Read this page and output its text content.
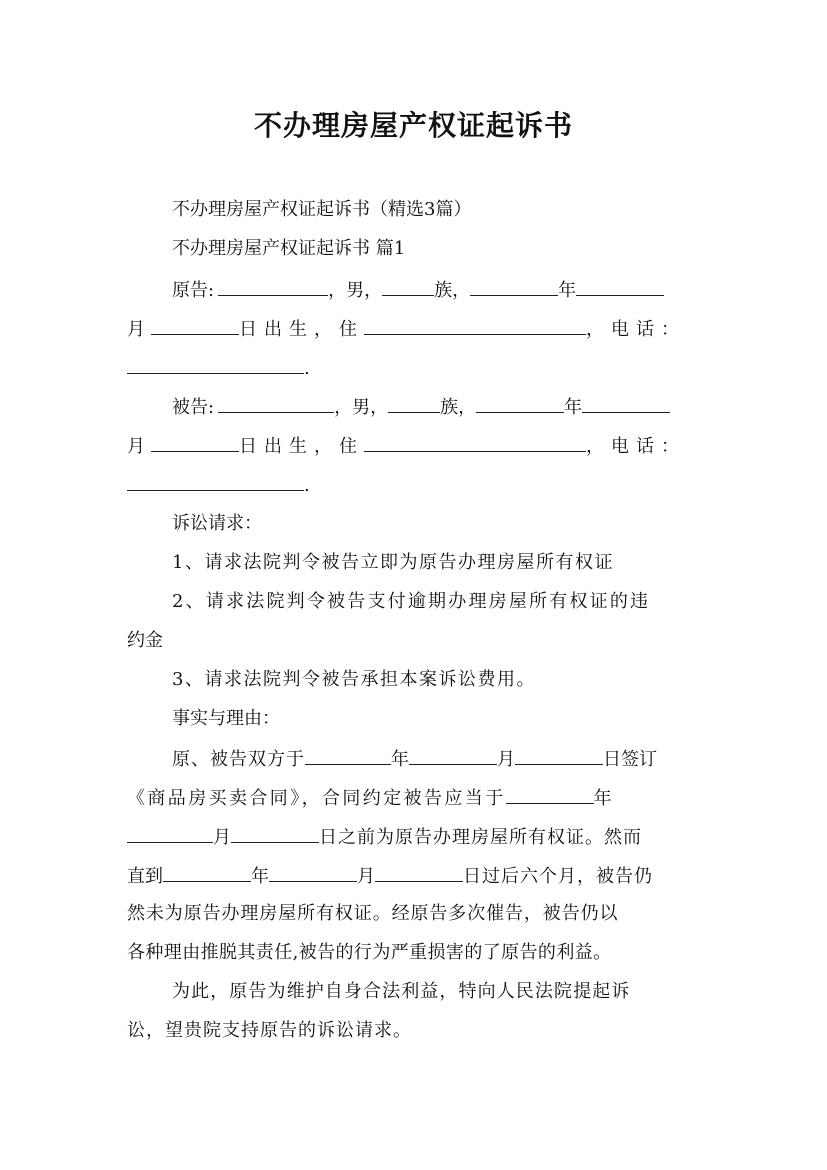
不办理房屋产权证起诉书
不办理房屋产权证起诉书（精选3篇）
不办理房屋产权证起诉书 篇1
原告:	，男，	族，	年
月	日出生，住	，电话：
.
被告:	，男，	族，	年
月	日出生，住	，电话：
.
诉讼请求：
1、请求法院判令被告立即为原告办理房屋所有权证
2、请求法院判令被告支付逾期办理房屋所有权证的违
约金
3、请求法院判令被告承担本案诉讼费用。
事实与理由：
原、被告双方于	年	月	日签订
《商品房买卖合同》，合同约定被告应当于	年
月	日之前为原告办理房屋所有权证。然而
直到	年	月	日过后六个月，被告仍
然未为原告办理房屋所有权证。经原告多次催告，被告仍以
各种理由推脱其责任,被告的行为严重损害的了原告的利益。
为此，原告为维护自身合法利益，特向人民法院提起诉
讼，望贵院支持原告的诉讼请求。
